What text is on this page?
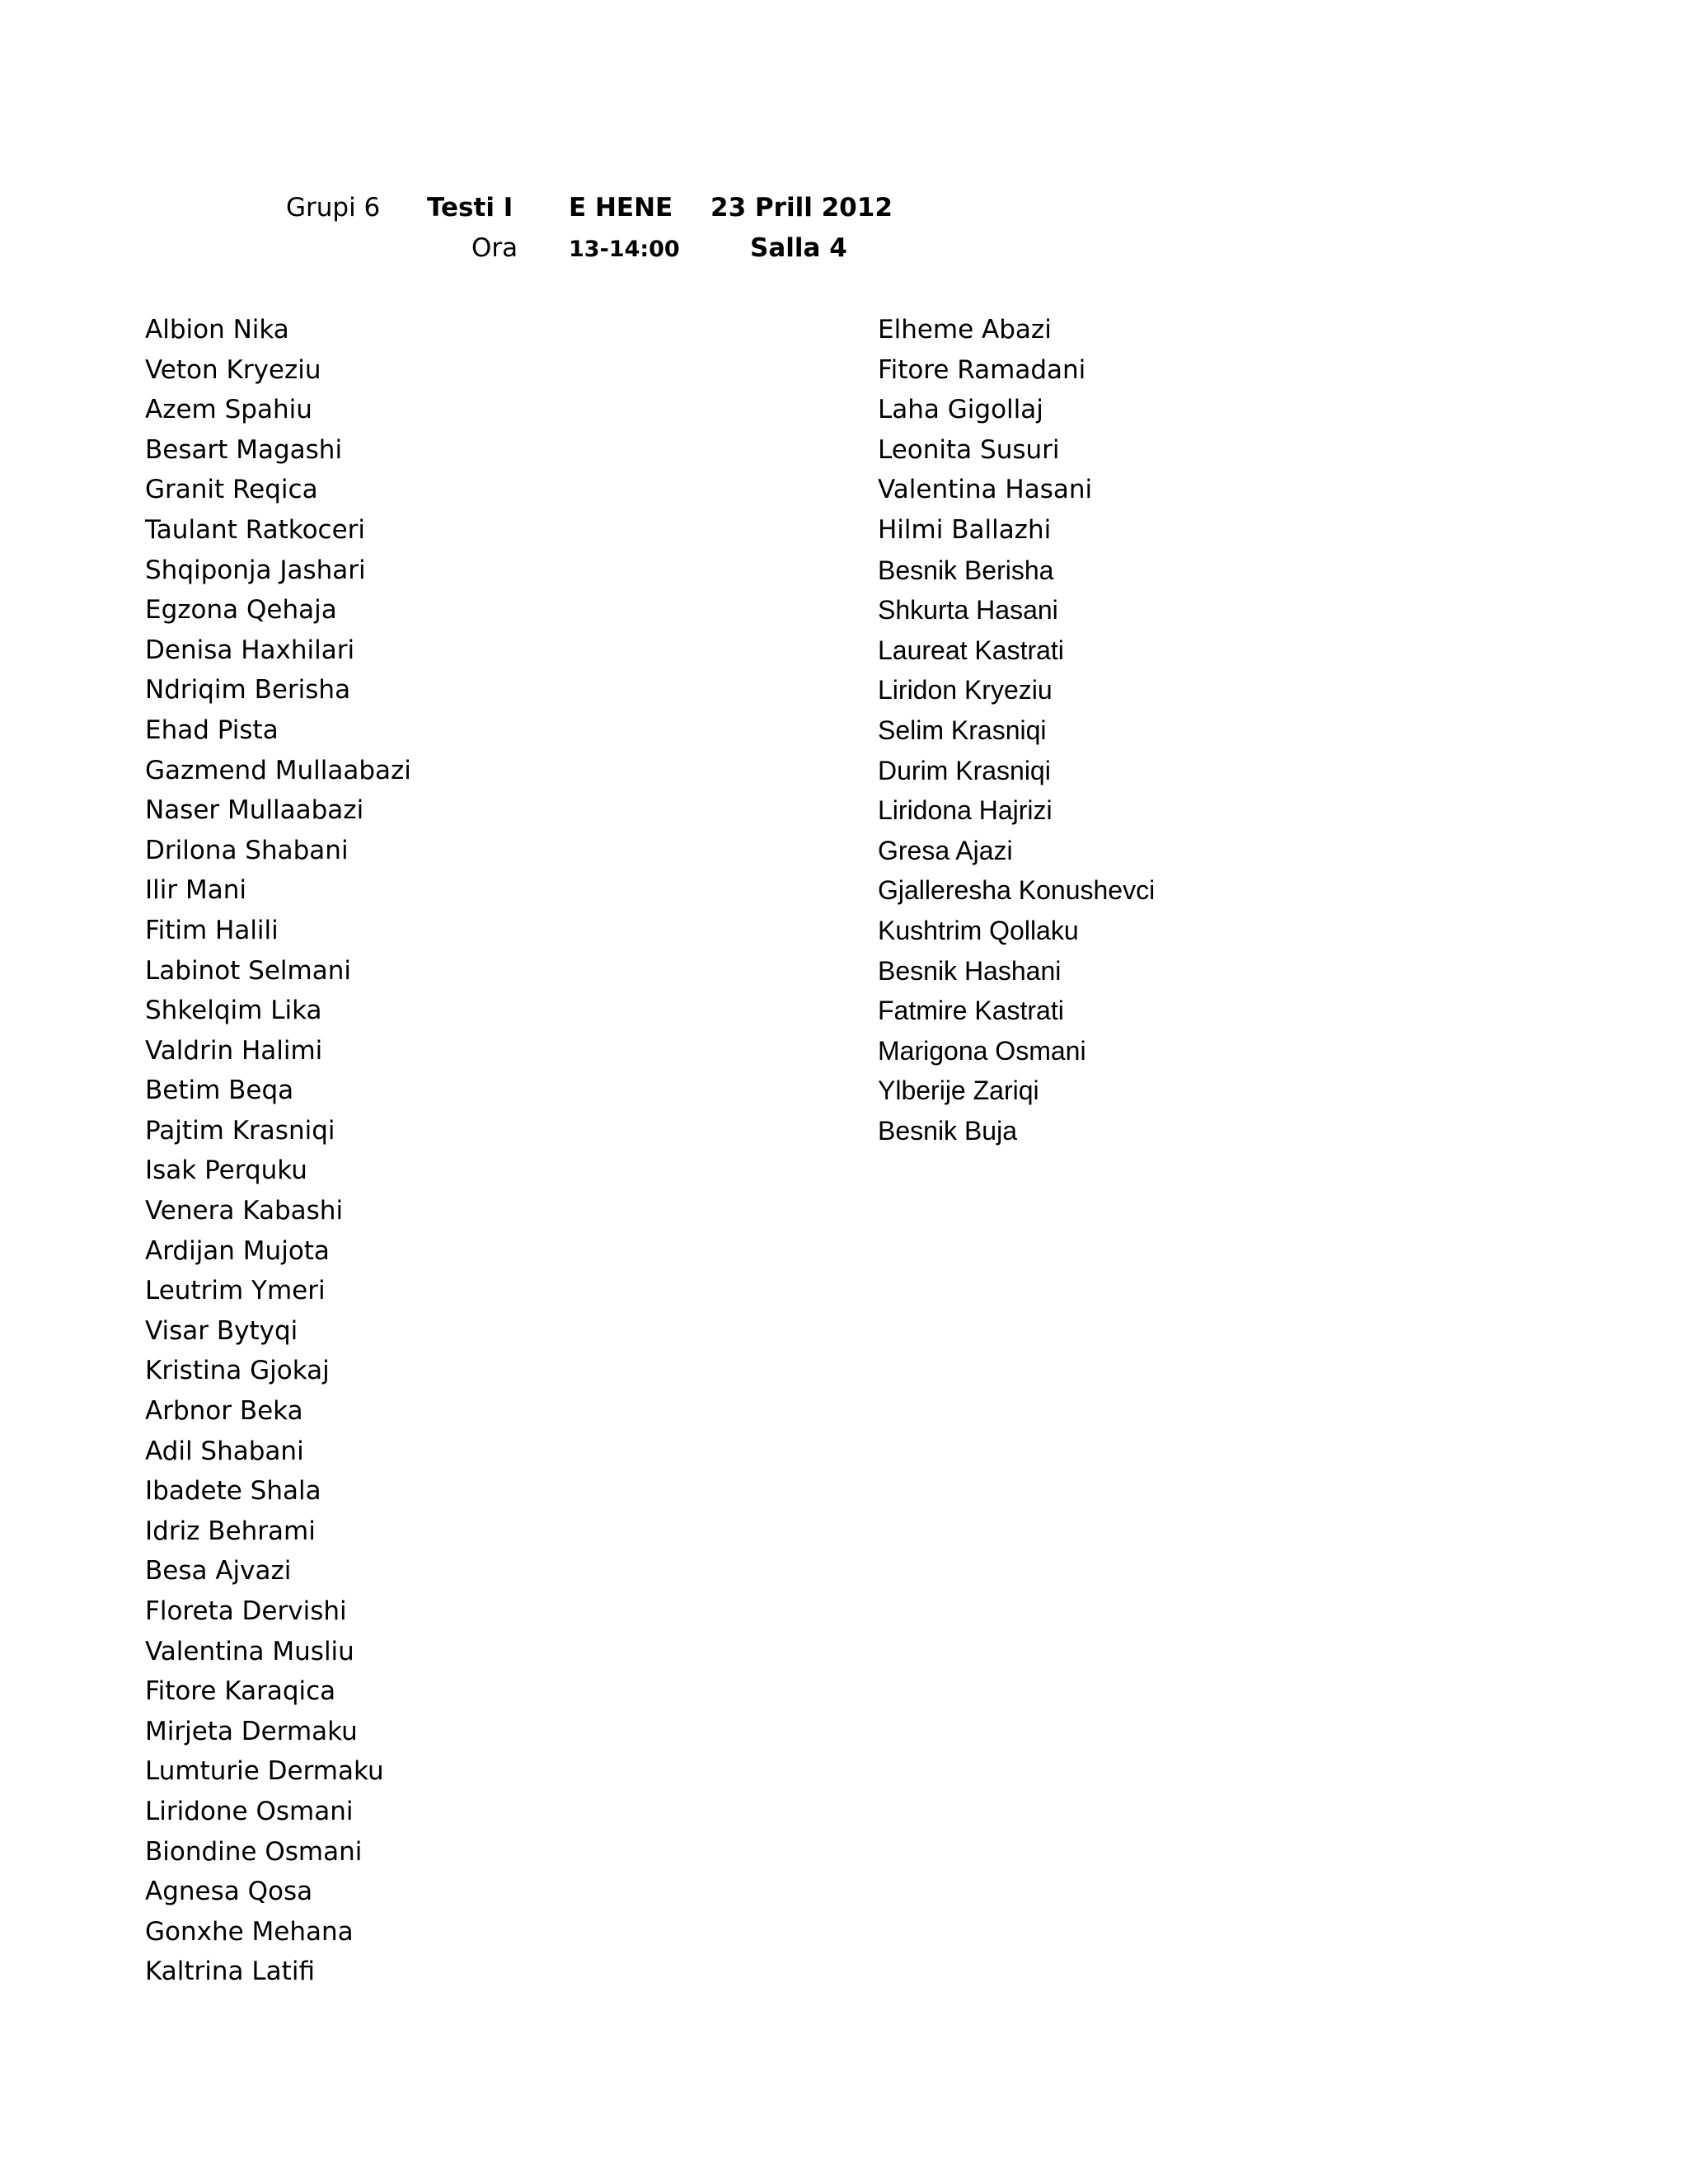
Grupi 6 Testi I E HENE 23 Prill 2012
Ora 13-14:00	Salla 4
Albion Nika
Veton Kryeziu
Azem Spahiu
Besart Magashi
Granit Reqica
Taulant Ratkoceri
Shqiponja Jashari
Egzona Qehaja
Denisa Haxhilari
Ndriqim Berisha
Ehad Pista
Gazmend Mullaabazi
Naser Mullaabazi
Drilona Shabani
Ilir Mani
Fitim Halili
Labinot Selmani
Shkelqim Lika
Valdrin Halimi
Betim Beqa
Pajtim Krasniqi
Isak Perquku
Venera Kabashi
Ardijan Mujota
Leutrim Ymeri
Visar Bytyqi
Kristina Gjokaj
Arbnor Beka
Adil Shabani
Ibadete Shala
Idriz Behrami
Besa Ajvazi
Floreta Dervishi
Valentina Musliu
Fitore Karaqica
Mirjeta Dermaku
Lumturie Dermaku
Liridone Osmani
Biondine Osmani
Agnesa Qosa
Gonxhe Mehana
Kaltrina Latifi
Elheme Abazi
Fitore Ramadani
Laha Gigollaj
Leonita Susuri
Valentina Hasani
Hilmi Ballazhi
Besnik Berisha
Shkurta Hasani
Laureat Kastrati
Liridon Kryeziu
Selim Krasniqi
Durim Krasniqi
Liridona Hajrizi
Gresa Ajazi
Gjalleresha Konushevci
Kushtrim Qollaku
Besnik Hashani
Fatmire Kastrati
Marigona Osmani
Ylberije Zariqi
Besnik Buja
